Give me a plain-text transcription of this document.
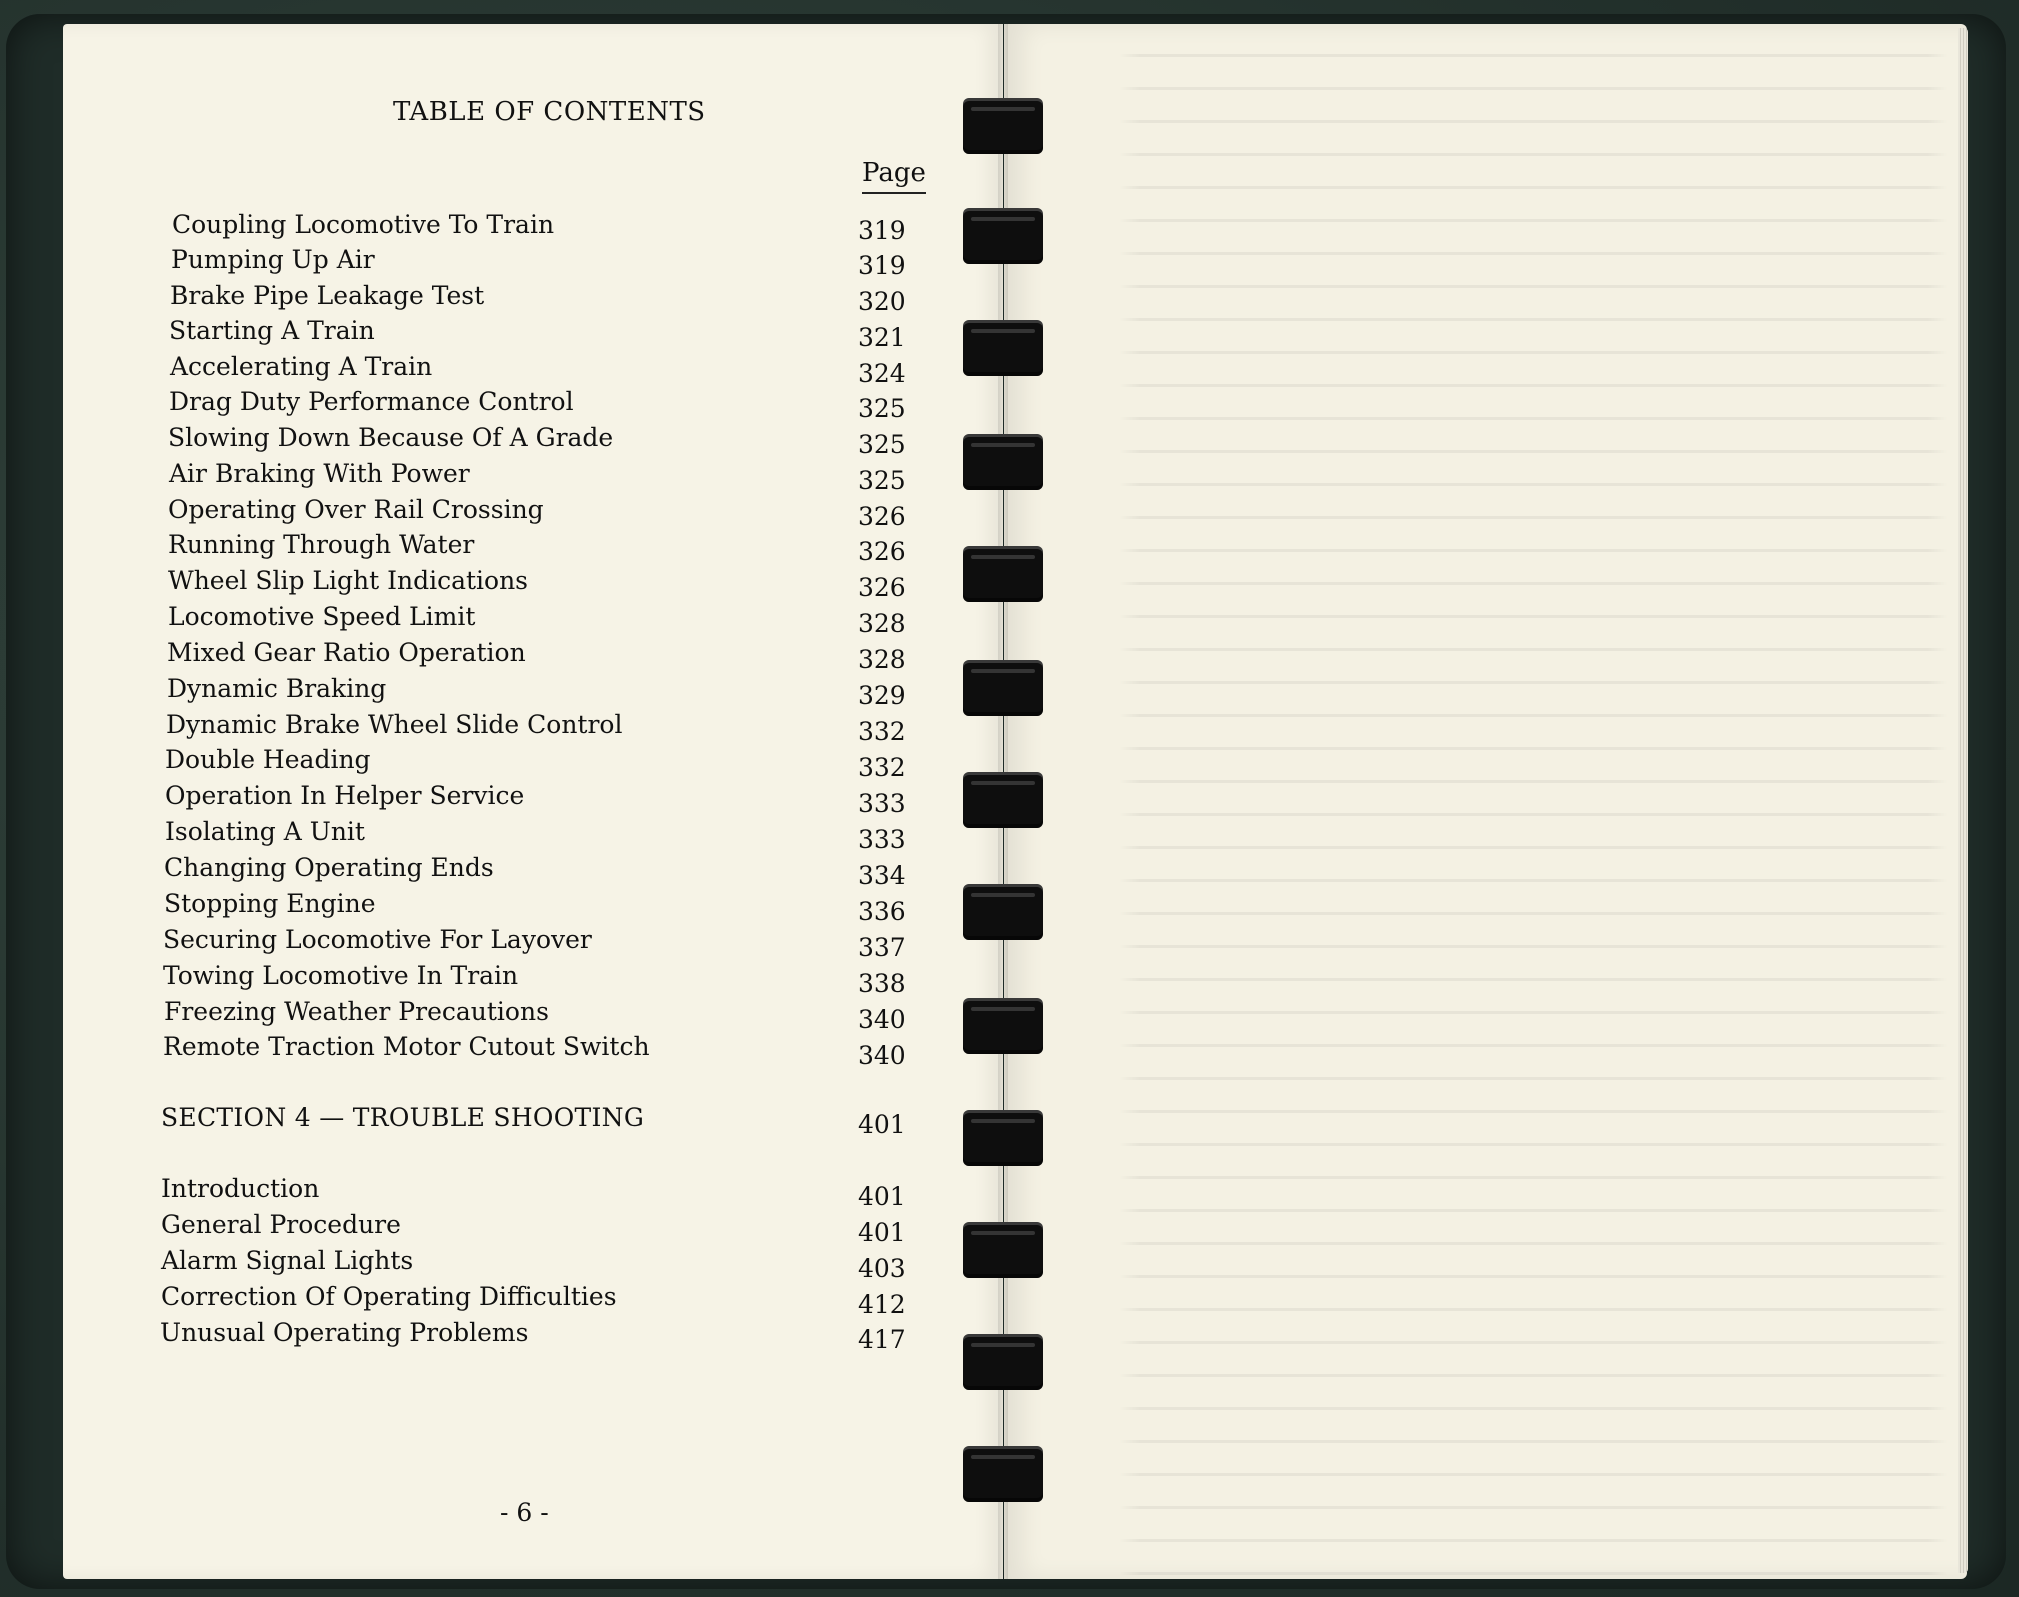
TABLE OF CONTENTS
Page
Coupling Locomotive To Train	319
Pumping Up Air	319
Brake Pipe Leakage Test	320
Starting A Train	321
Accelerating A Train	324
Drag Duty Performance Control	325
Slowing Down Because Of A Grade	325
Air Braking With Power	325
Operating Over Rail Crossing	326
Running Through Water	326
Wheel Slip Light Indications	326
Locomotive Speed Limit	328
Mixed Gear Ratio Operation	328
Dynamic Braking	329
Dynamic Brake Wheel Slide Control	332
Double Heading	332
Operation In Helper Service	333
Isolating A Unit	333
Changing Operating Ends	334
Stopping Engine	336
Securing Locomotive For Layover	337
Towing Locomotive In Train	338
Freezing Weather Precautions	340
Remote Traction Motor Cutout Switch	340
SECTION 4 — TROUBLE SHOOTING	401
Introduction	401
General Procedure	401
Alarm Signal Lights	403
Correction Of Operating Difficulties	412
Unusual Operating Problems	417
- 6 -
